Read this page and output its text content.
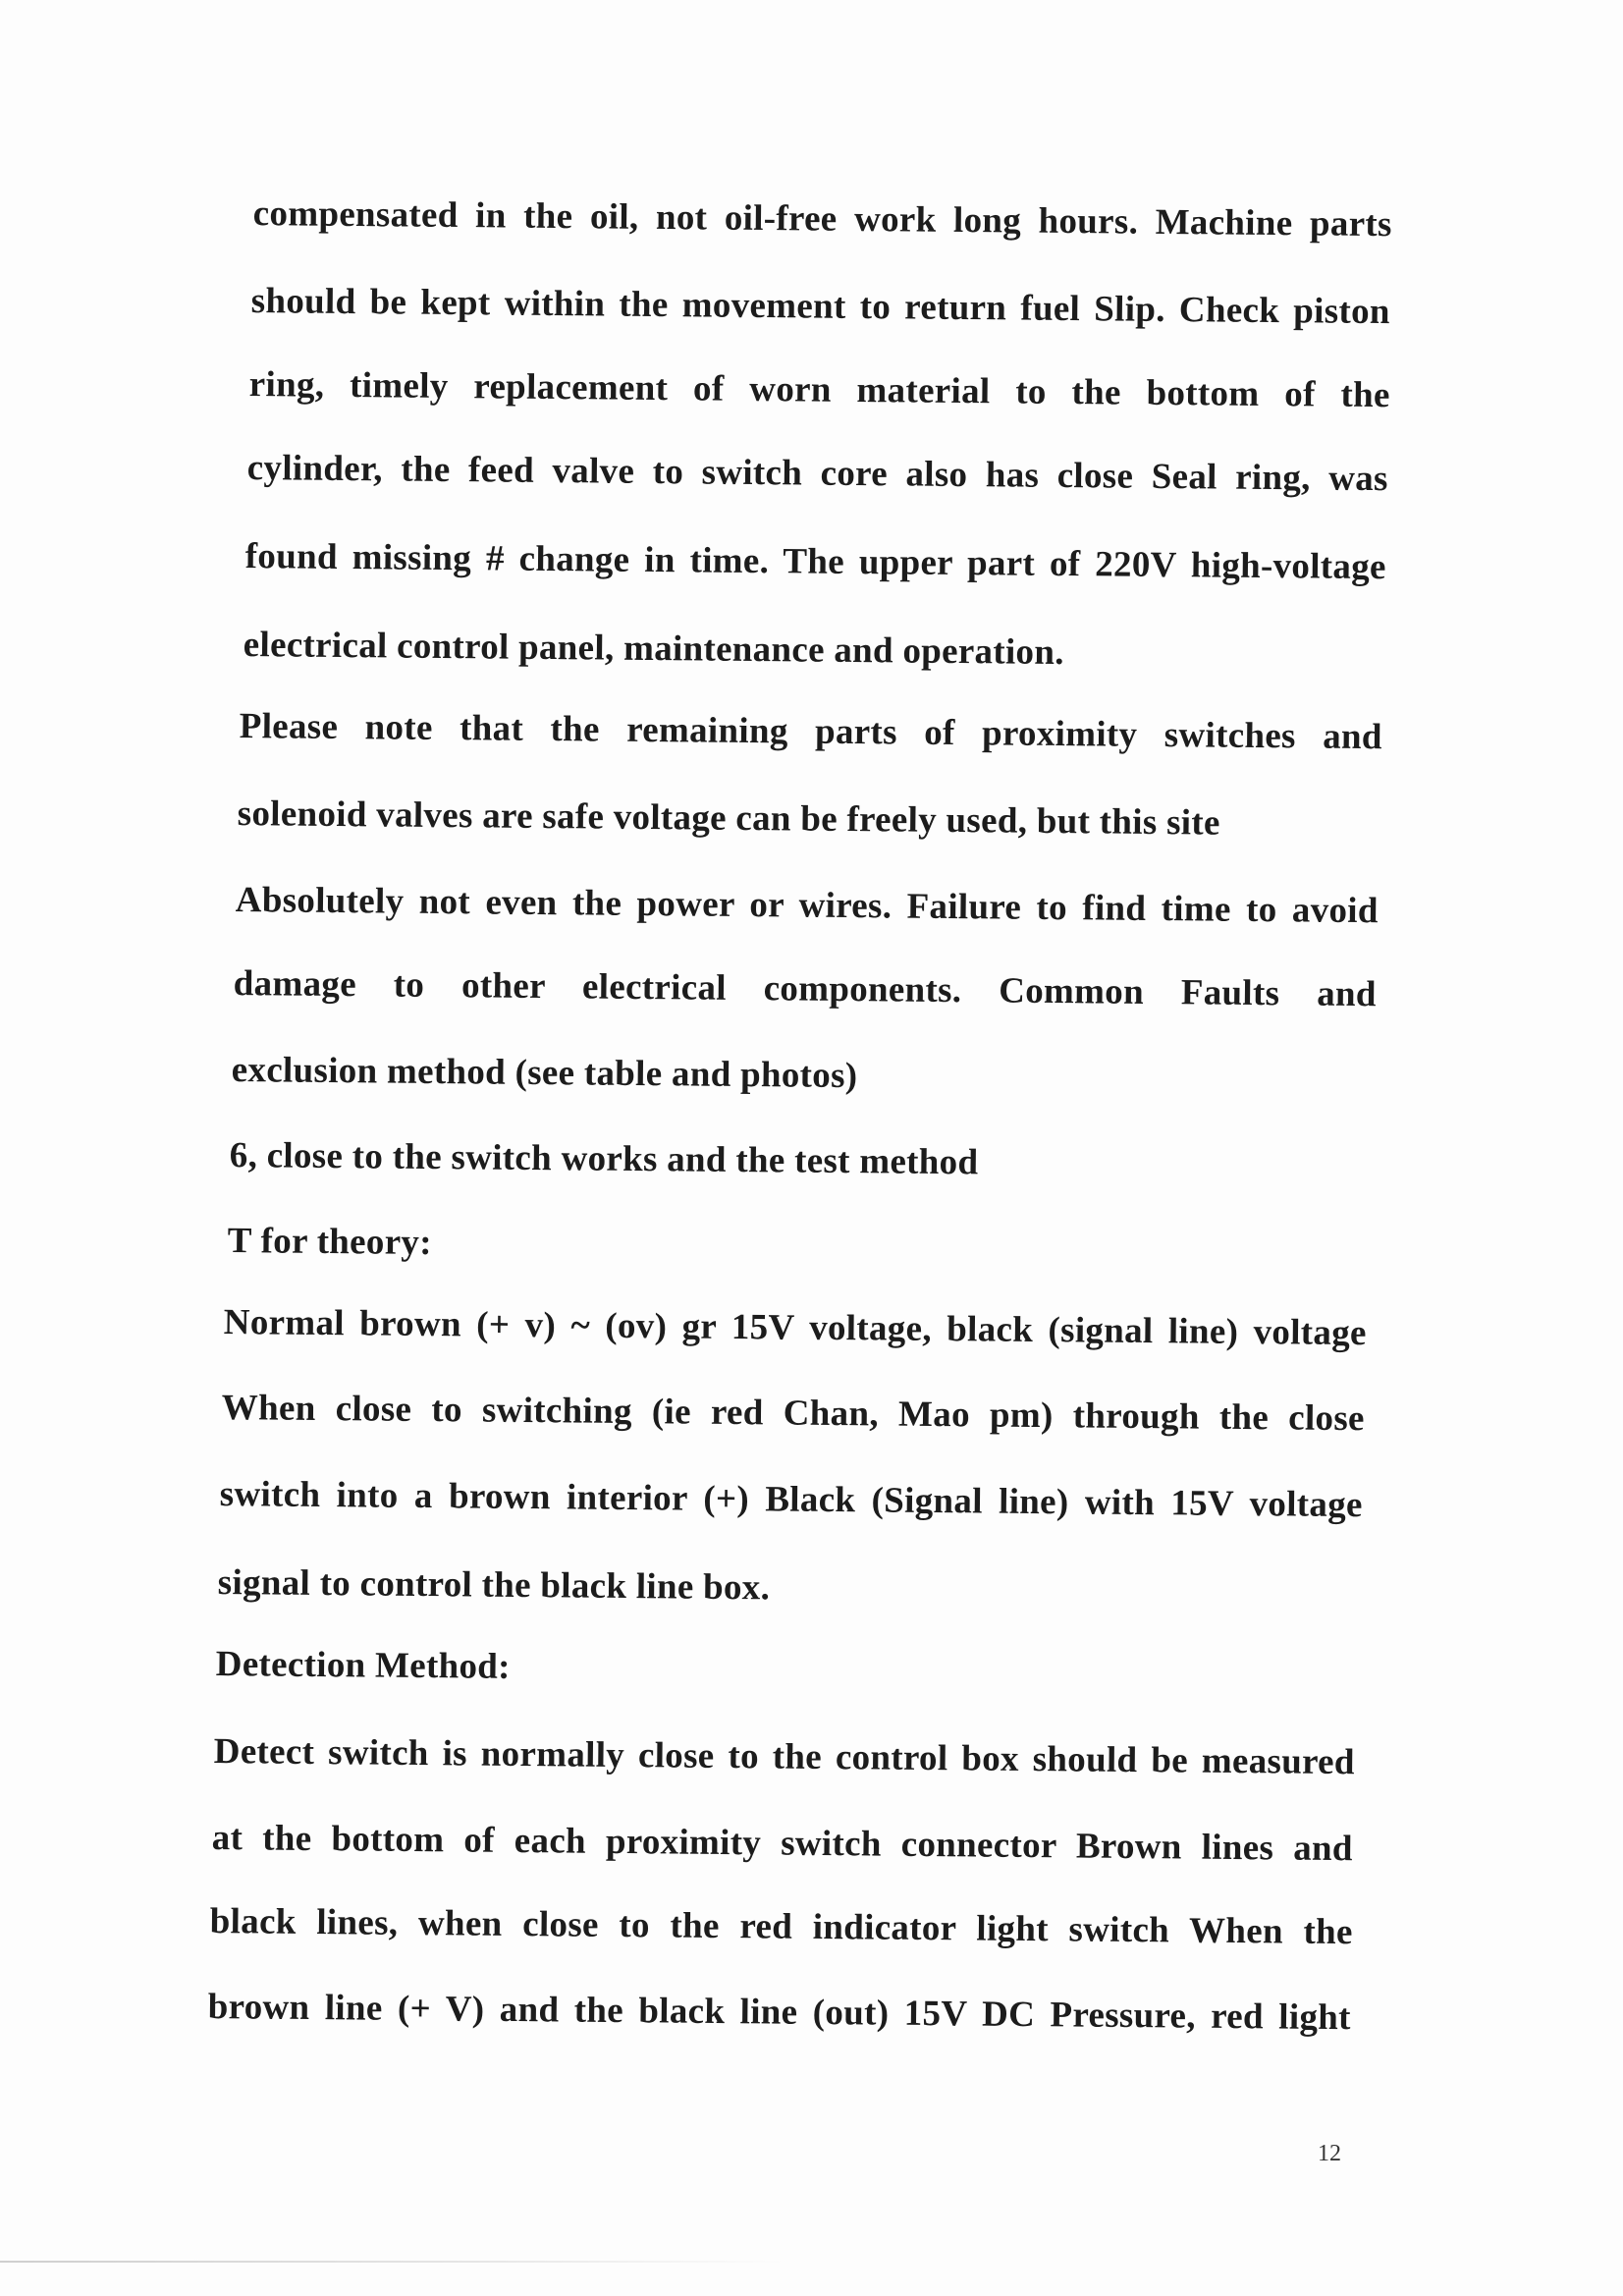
compensated in the oil, not oil-free work long hours. Machine parts
should be kept within the movement to return fuel Slip. Check piston
ring, timely replacement of worn material to the bottom of the
cylinder, the feed valve to switch core also has close Seal ring, was
found missing # change in time. The upper part of 220V high-voltage
electrical control panel, maintenance and operation.
Please note that the remaining parts of proximity switches and
solenoid valves are safe voltage can be freely used, but this site
Absolutely not even the power or wires. Failure to find time to avoid
damage to other electrical components. Common Faults and
exclusion method (see table and photos)
6, close to the switch works and the test method
T for theory:
Normal brown (+ v) ~ (ov) gr 15V voltage, black (signal line) voltage
When close to switching (ie red Chan, Mao pm) through the close
switch into a brown interior (+) Black (Signal line) with 15V voltage
signal to control the black line box.
Detection Method:
Detect switch is normally close to the control box should be measured
at the bottom of each proximity switch connector Brown lines and
black lines, when close to the red indicator light switch When the
brown line (+ V) and the black line (out) 15V DC Pressure, red light
12
